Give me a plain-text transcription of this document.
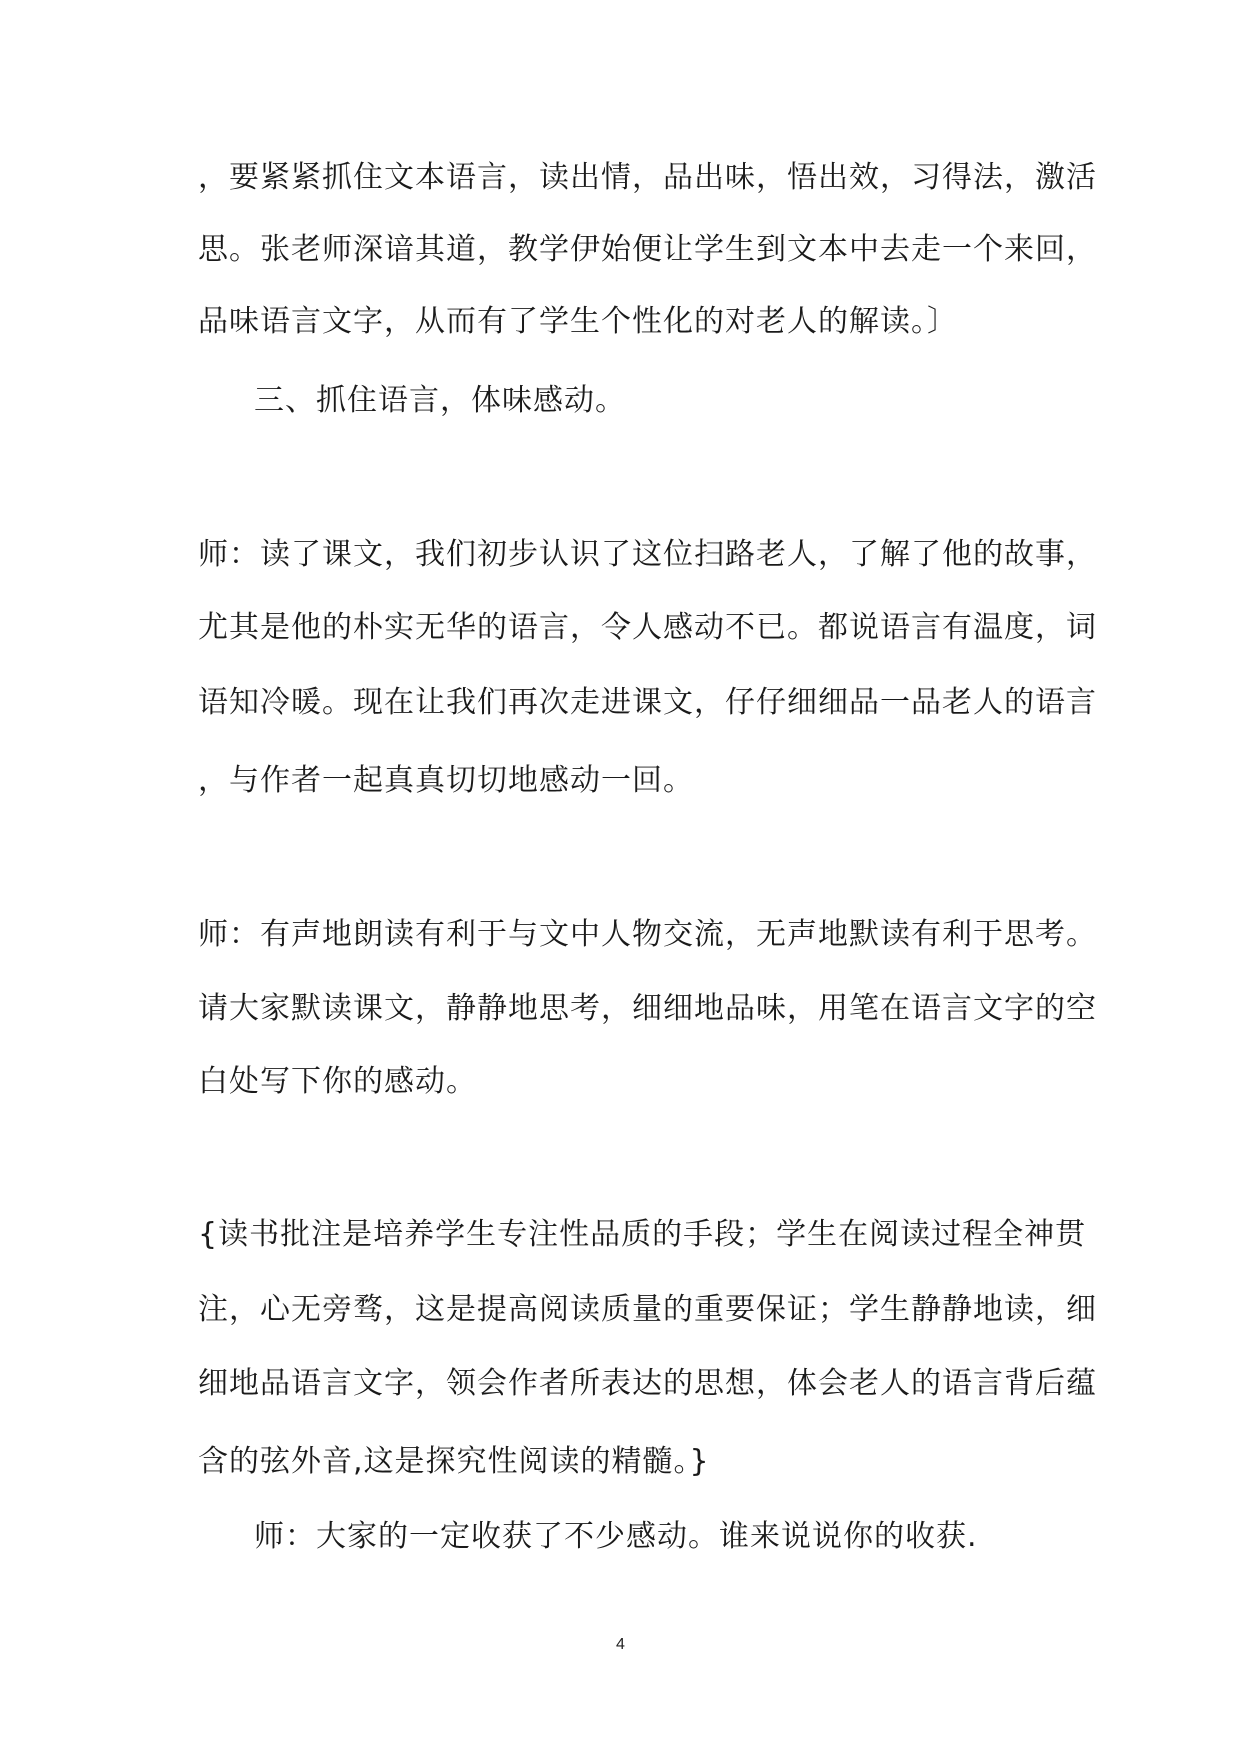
，要紧紧抓住文本语言，读出情，品出味，悟出效，习得法，激活
思。张老师深谙其道，教学伊始便让学生到文本中去走一个来回，
品味语言文字，从而有了学生个性化的对老人的解读。〕
三、抓住语言，体味感动。
师：读了课文，我们初步认识了这位扫路老人，了解了他的故事，
尤其是他的朴实无华的语言，令人感动不已。都说语言有温度，词
语知冷暖。现在让我们再次走进课文，仔仔细细品一品老人的语言
，与作者一起真真切切地感动一回。
师：有声地朗读有利于与文中人物交流，无声地默读有利于思考。
请大家默读课文，静静地思考，细细地品味，用笔在语言文字的空
白处写下你的感动。
{读书批注是培养学生专注性品质的手段；学生在阅读过程全神贯
注，心无旁骛，这是提高阅读质量的重要保证；学生静静地读，细
细地品语言文字，领会作者所表达的思想，体会老人的语言背后蕴
含的弦外音,这是探究性阅读的精髓。}
师：大家的一定收获了不少感动。谁来说说你的收获.
4
